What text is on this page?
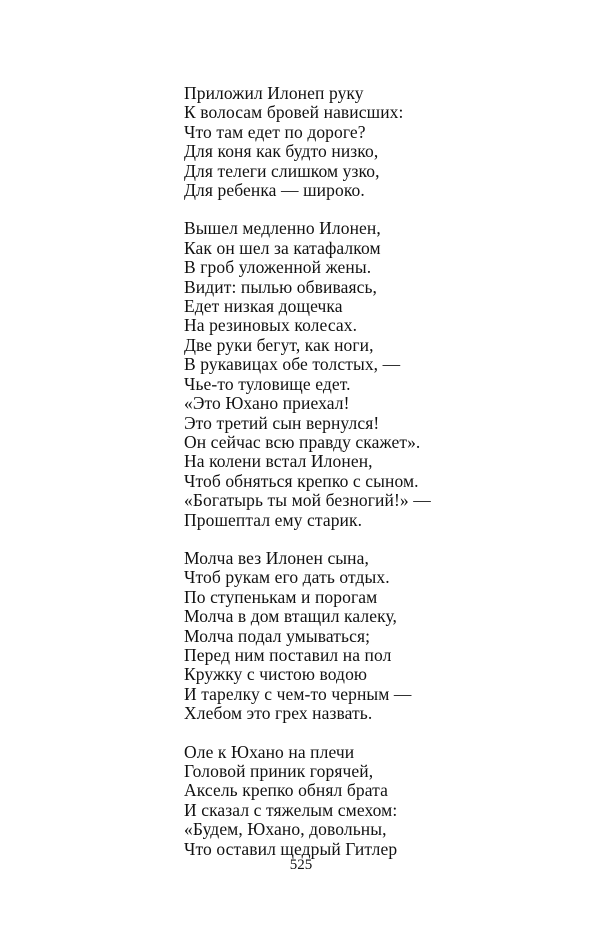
Приложил Илонеп руку
К волосам бровей нависших:
Что там едет по дороге?
Для коня как будто низко,
Для телеги слишком узко,
Для ребенка — широко.
Вышел медленно Илонен,
Как он шел за катафалком
В гроб уложенной жены.
Видит: пылью обвиваясь,
Едет низкая дощечка
На резиновых колесах.
Две руки бегут, как ноги,
В рукавицах обе толстых, —
Чье-то туловище едет.
«Это Юхано приехал!
Это третий сын вернулся!
Он сейчас всю правду скажет».
На колени встал Илонен,
Чтоб обняться крепко с сыном.
«Богатырь ты мой безногий!» —
Прошептал ему старик.
Молча вез Илонен сына,
Чтоб рукам его дать отдых.
По ступенькам и порогам
Молча в дом втащил калеку,
Молча подал умываться;
Перед ним поставил на пол
Кружку с чистою водою
И тарелку с чем-то черным —
Хлебом это грех назвать.
Оле к Юхано на плечи
Головой приник горячей,
Аксель крепко обнял брата
И сказал с тяжелым смехом:
«Будем, Юхано, довольны,
Что оставил щедрый Гитлер
525
